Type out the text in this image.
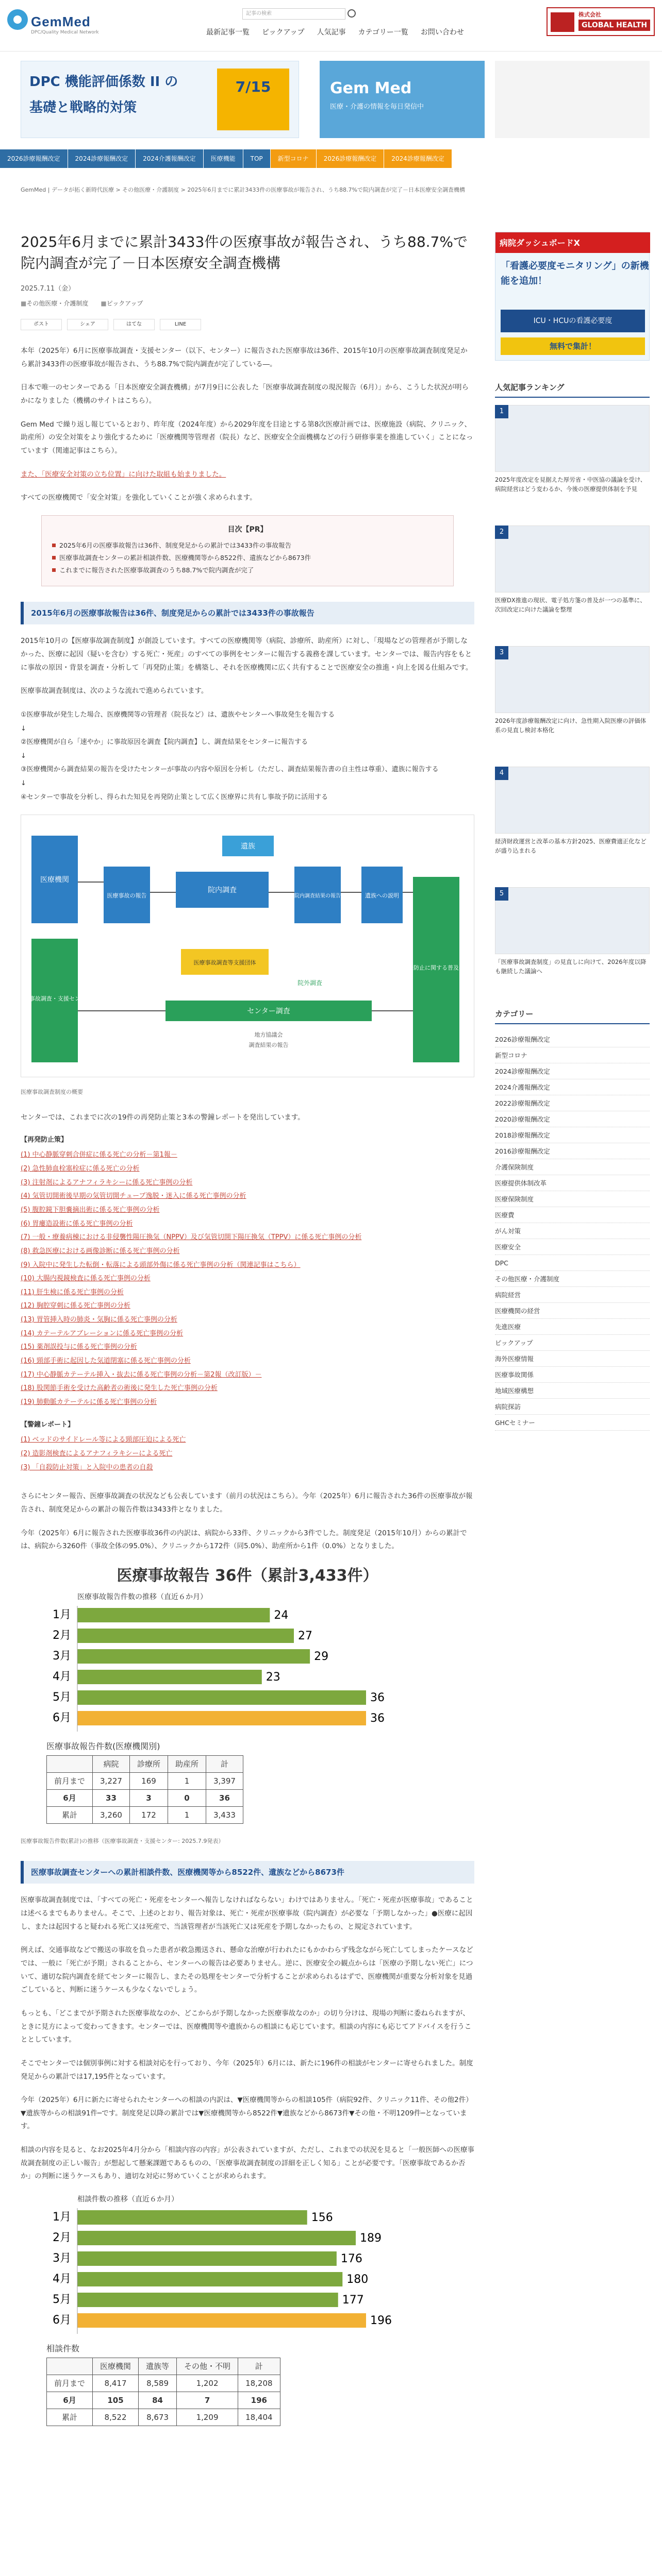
GemMed
DPC/Quality Medical Network
記事の検索
最新記事一覧 ピックアップ 人気記事 カテゴリー一覧 お問い合わせ
株式会社
GLOBAL HEALTH
DPC 機能評価係数 II の
基礎と戦略的対策
7/15	Gem Med
医療・介護の情報を毎日発信中
2026診療報酬改定	2024診療報酬改定	2024介護報酬改定	医療機能	TOP	新型コロナ	2026診療報酬改定	2024診療報酬改定
GemMed | データが拓く新時代医療 > その他医療・介護制度 > 2025年6月までに累計3433件の医療事故が報告され、うち88.7%で院内調査が完了－日本医療安全調査機構
2025年6月までに累計3433件の医療事故が報告され、うち88.7%で院内調査が完了－日本医療安全調査機構
2025.7.11（金）
■ その他医療・介護制度	■ ピックアップ
ポスト	シェア	はてな	LINE

本年（2025年）6月に医療事故調査・支援センター（以下、センター）に報告された医療事故は36件、2015年10月の医療事故調査制度発足から累計3433件の医療事故が報告され、うち88.7%で院内調査が完了している―。

日本で唯一のセンターである「日本医療安全調査機構」が7月9日に公表した「医療事故調査制度の現況報告（6月）」から、こうした状況が明らかになりました（機構のサイトはこちら）。

Gem Med で繰り返し報じているとおり、昨年度（2024年度）から2029年度を目途とする第8次医療計画では、医療施設（病院、クリニック、助産所）の安全対策をより強化するために「医療機関等管理者（院長）など、医療安全全面機構などの行う研修事業を推進していく」ことになっています（関連記事はこちら）。

また、「医療安全対策の立ち位置」に向けた取組も始まりました。

すべての医療機関で「安全対策」を強化していくことが強く求められます。

目次【PR】
2025年6月の医療事故報告は36件、制度発足からの累計では3433件の事故報告
医療事故調査センターの累計相談件数、医療機関等から8522件、遺族などから8673件
これまでに報告された医療事故調査のうち88.7%で院内調査が完了
2015年6月の医療事故報告は36件、制度発足からの累計では3433件の事故報告

2015年10月の【医療事故調査制度】が創設しています。すべての医療機関等（病院、診療所、助産所）に対し、「現場などの管理者が予期しなかった、医療に起因（疑いを含む）する死亡・死産」のすべての事例をセンターに報告する義務を課しています。センターでは、報告内容をもとに事故の原因・背景を調査・分析して「再発防止策」を構築し、それを医療機関に広く共有することで医療安全の推進・向上を図る仕組みです。

医療事故調査制度は、次のような流れで進められています。

①医療事故が発生した場合、医療機関等の管理者（院長など）は、遺族やセンターへ事故発生を報告する
↓
②医療機関が自ら「速やか」に事故原因を調査【院内調査】し、調査結果をセンターに報告する
↓
③医療機関から調査結果の報告を受けたセンターが事故の内容や原因を分析し（ただし、調査結果報告書の自主性は尊重）、遺族に報告する
↓
④センターで事故を分析し、得られた知見を再発防止策として広く医療界に共有し事故予防に活用する
医療機関
医療事故調査・支援センター
再発防止に関する普及啓発
遺族
医療事故の報告
院内調査
院内調査結果の報告	遺族への説明
医療事故調査等支援団体
センター調査
院外調査
地方協議会
調査結果の報告
医療事故調査制度の概要

センターでは、これまでに次の19件の再発防止策と3本の警鐘レポートを発出しています。

【再発防止策】
(1) 中心静脈穿刺合併症に係る死亡の分析－第1報－
(2) 急性肺血栓塞栓症に係る死亡の分析
(3) 注射剤によるアナフィラキシーに係る死亡事例の分析
(4) 気管切開術後早期の気管切開チューブ逸脱・迷入に係る死亡事例の分析
(5) 腹腔鏡下胆嚢摘出術に係る死亡事例の分析
(6) 胃瘻造設術に係る死亡事例の分析
(7) 一般・療養病棟における非侵襲性陽圧換気（NPPV）及び気管切開下陽圧換気（TPPV）に係る死亡事例の分析
(8) 救急医療における画像診断に係る死亡事例の分析
(9) 入院中に発生した転倒・転落による頭部外傷に係る死亡事例の分析（関連記事はこちら）
(10) 大腸内視鏡検査に係る死亡事例の分析
(11) 肝生検に係る死亡事例の分析
(12) 胸腔穿刺に係る死亡事例の分析
(13) 胃管挿入時の肺炎・気胸に係る死亡事例の分析
(14) カテーテルアブレーションに係る死亡事例の分析
(15) 薬剤誤投与に係る死亡事例の分析
(16) 頸部手術に起因した気道閉塞に係る死亡事例の分析
(17) 中心静脈カテーテル挿入・抜去に係る死亡事例の分析－第2報（改訂版）－
(18) 股関節手術を受けた高齢者の術後に発生した死亡事例の分析
(19) 肺動脈カテーテルに係る死亡事例の分析
【警鐘レポート】
(1) ベッドのサイドレール等による頸部圧迫による死亡
(2) 造影剤検査によるアナフィラキシーによる死亡
(3) 「自殺防止対策」と入院中の患者の自殺

さらにセンター報告、医療事故調査の状況なども公表しています（前月の状況はこちら）。今年（2025年）6月に報告された36件の医療事故が報告され、制度発足からの累計の報告件数は3433件となりました。

今年（2025年）6月に報告された医療事故36件の内訳は、病院から33件、クリニックから3件でした。制度発足（2015年10月）からの累計では、病院から3260件（事故全体の95.0%）、クリニックから172件（同5.0%）、助産所から1件（0.0%）となりました。

医療事故報告 36件（累計3,433件）
医療事故報告件数の推移（直近６か月）
1月	24
2月	27
3月	29
4月	23
5月	36
6月	36
医療事故報告件数(医療機関別)
	病院	診療所	助産所	計
前月まで	3,227	169	1	3,397
6月	33	3	0	36
累計	3,260	172	1	3,433
医療事故報告件数(累計)の推移（医療事故調査・支援センター: 2025.7.9発表）
医療事故調査センターへの累計相談件数、医療機関等から8522件、遺族などから8673件

医療事故調査制度では、「すべての死亡・死産をセンターへ報告しなければならない」わけではありません。「死亡・死産が医療事故」であることは述べるまでもありません。そこで、上述のとおり、報告対象は、死亡・死産が医療事故（院内調査）が必要な「予期しなかった」●医療に起因し、または起因すると疑われる死亡又は死産で、当該管理者が当該死亡又は死産を予期しなかったもの、と規定されています。

例えば、交通事故などで搬送の事故を負った患者が救急搬送され、懸命な治療が行われたにもかかわらず残念ながら死亡してしまったケースなどでは、一般に「死亡が予期」されることから、センターへの報告は必要ありません。逆に、医療安全の観点からは「医療の予期しない死亡」について、適切な院内調査を経てセンターに報告し、またその処理をセンターで分析することが求められるはずで、医療機関が重要な分析対象を見過ごしていると、判断に迷うケースも少なくないでしょう。

もっとも、「どこまでが予期された医療事故なのか、どこからが予期しなかった医療事故なのか」の切り分けは、現場の判断に委ねられますが、ときに見方によって変わってきます。センターでは、医療機関等や遺族からの相談にも応じています。相談の内容にも応じてアドバイスを行うこととしています。

そこでセンターでは個別事例に対する相談対応を行っており、今年（2025年）6月には、新たに196件の相談がセンターに寄せられました。制度発足からの累計では17,195件となっています。

今年（2025年）6月に新たに寄せられたセンターへの相談の内訳は、▼医療機関等からの相談105件（病院92件、クリニック11件、その他2件）▼遺族等からの相談91件─です。制度発足以降の累計では▼医療機関等から8522件▼遺族などから8673件▼その他・不明1209件─となっています。

相談の内容を見ると、なお2025年4月分から「相談内容の内容」が公表されていますが、ただし、これまでの状況を見ると「一般医師への医療事故調査制度の正しい報告」が想起して懸案課題であるものの、「医療事故調査制度の詳細を正しく知る」ことが必要です。「医療事故であるか否か」の判断に迷うケースもあり、適切な対応に努めていくことが求められます。

相談件数の推移（直近６か月）
1月	156
2月	189
3月	176
4月	180
5月	177
6月	196
相談件数
	医療機関	遺族等	その他・不明	計
前月まで	8,417	8,589	1,202	18,208
6月	105	84	7	196
累計	8,522	8,673	1,209	18,404
病院ダッシュボードX
「看護必要度モニタリング」の新機能を追加！
ICU・HCUの看護必要度
無料で集計！
人気記事ランキング
1
2025年度改定を見据えた厚労省・中医協の議論を受け、病院経営はどう変わるか、今後の医療提供体制を予見
2
医療DX推進の現状、電子処方箋の普及が一つの基準に、次回改定に向けた議論を整理
3
2026年度診療報酬改定に向け、急性期入院医療の評価体系の見直し検討本格化
4
経済財政運営と改革の基本方針2025、医療費適正化などが盛り込まれる
5
「医療事故調査制度」の見直しに向けて、2026年度以降も継続した議論へ
カテゴリー
2026診療報酬改定
新型コロナ
2024診療報酬改定
2024介護報酬改定
2022診療報酬改定
2020診療報酬改定
2018診療報酬改定
2016診療報酬改定
介護保険制度
医療提供体制改革
医療保険制度
医療費
がん対策
医療安全
DPC
その他医療・介護制度
病院経営
医療機関の経営
先進医療
ピックアップ
海外医療情報
医療事故関係
地域医療構想
病院探訪
GHCセミナー
